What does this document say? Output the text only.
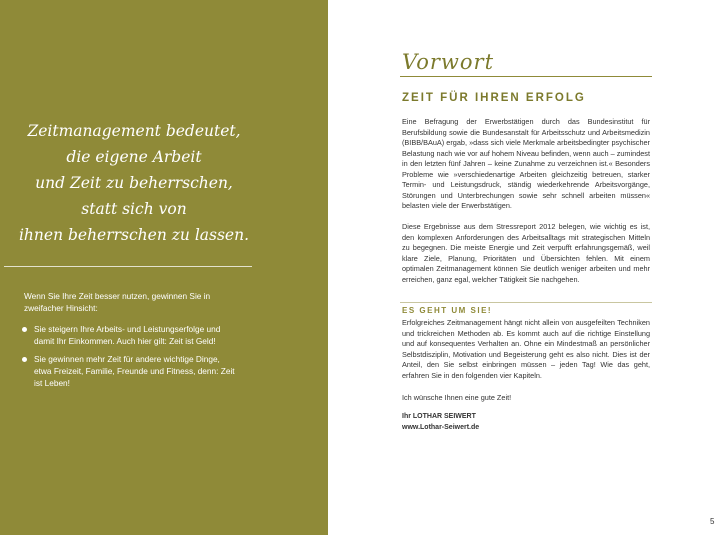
Zeitmanagement bedeutet,
die eigene Arbeit
und Zeit zu beherrschen,
statt sich von
ihnen beherrschen zu lassen.
Wenn Sie Ihre Zeit besser nutzen, gewinnen Sie in zweifacher Hinsicht:
Sie steigern Ihre Arbeits- und Leistungserfolge und damit Ihr Einkommen. Auch hier gilt: Zeit ist Geld!
Sie gewinnen mehr Zeit für andere wichtige Dinge, etwa Freizeit, Familie, Freunde und Fitness, denn: Zeit ist Leben!
Vorwort
ZEIT FÜR IHREN ERFOLG
Eine Befragung der Erwerbstätigen durch das Bundesinstitut für Berufsbildung sowie die Bundesanstalt für Arbeitsschutz und Arbeitsmedizin (BIBB/BAuA) ergab, »dass sich viele Merkmale arbeitsbedingter psychischer Belastung nach wie vor auf hohem Niveau befinden, wenn auch – zumindest in den letzten fünf Jahren – keine Zunahme zu verzeichnen ist.« Besonders Probleme wie »verschiedenartige Arbeiten gleichzeitig betreuen, starker Termin- und Leistungsdruck, ständig wiederkehrende Arbeitsvorgänge, Störungen und Unterbrechungen sowie sehr schnell arbeiten müssen« belasten viele der Erwerbstätigen.
Diese Ergebnisse aus dem Stressreport 2012 belegen, wie wichtig es ist, den komplexen Anforderungen des Arbeitsalltags mit strategischen Mitteln zu begegnen. Die meiste Energie und Zeit verpufft erfahrungsgemäß, weil klare Ziele, Planung, Prioritäten und Übersichten fehlen. Mit einem optimalen Zeitmanagement können Sie deutlich weniger arbeiten und mehr erreichen, ganz egal, welcher Tätigkeit Sie nachgehen.
ES GEHT UM SIE!
Erfolgreiches Zeitmanagement hängt nicht allein von ausgefeilten Techniken und trickreichen Methoden ab. Es kommt auch auf die richtige Einstellung und auf konsequentes Verhalten an. Ohne ein Mindestmaß an persönlicher Selbstdisziplin, Motivation und Begeisterung geht es also nicht. Dies ist der Anteil, den Sie selbst einbringen müssen – jeden Tag! Wie das geht, erfahren Sie in den folgenden vier Kapiteln.
Ich wünsche Ihnen eine gute Zeit!
Ihr LOTHAR SEIWERT
www.Lothar-Seiwert.de
5
